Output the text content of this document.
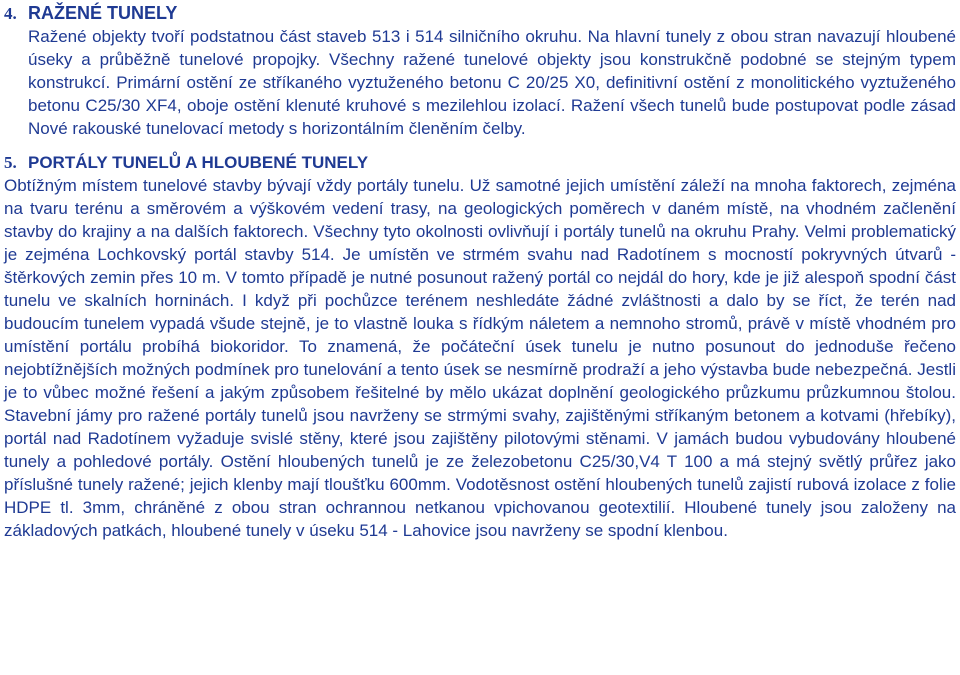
4. RAŽENÉ TUNELY

Ražené objekty tvoří podstatnou část staveb 513 i 514 silničního okruhu. Na hlavní tunely z obou stran navazují hloubené úseky a průběžně tunelové propojky. Všechny ražené tunelové objekty jsou konstrukčně podobné se stejným typem konstrukcí. Primární ostění ze stříkaného vyztuženého betonu C 20/25 X0, definitivní ostění z monolitického vyztuženého betonu C25/30 XF4, oboje ostění klenuté kruhové s mezilehlou izolací. Ražení všech tunelů bude postupovat podle zásad Nové rakouské tunelovací metody s horizontálním členěním čelby.

5. PORTÁLY TUNELŮ A HLOUBENÉ TUNELY

Obtížným místem tunelové stavby bývají vždy portály tunelu. Už samotné jejich umístění záleží na mnoha faktorech, zejména na tvaru terénu a směrovém a výškovém vedení trasy, na geologických poměrech v daném místě, na vhodném začlenění stavby do krajiny a na dalších faktorech. Všechny tyto okolnosti ovlivňují i portály tunelů na okruhu Prahy. Velmi problematický je zejména Lochkovský portál stavby 514. Je umístěn ve strmém svahu nad Radotínem s mocností pokryvných útvarů - štěrkových zemin přes 10 m. V tomto případě je nutné posunout ražený portál co nejdál do hory, kde je již alespoň spodní část tunelu ve skalních horninách. I když při pochůzce terénem neshledáte žádné zvláštnosti a dalo by se říct, že terén nad budoucím tunelem vypadá všude stejně, je to vlastně louka s řídkým náletem a nemnoho stromů, právě v místě vhodném pro umístění portálu probíhá biokoridor. To znamená, že počáteční úsek tunelu je nutno posunout do jednoduše řečeno nejobtížnějších možných podmínek pro tunelování a tento úsek se nesmírně prodraží a jeho výstavba bude nebezpečná. Jestli je to vůbec možné řešení a jakým způsobem řešitelné by mělo ukázat doplnění geologického průzkumu průzkumnou štolou. Stavební jámy pro ražené portály tunelů jsou navrženy se strmými svahy, zajištěnými stříkaným betonem a kotvami (hřebíky), portál nad Radotínem vyžaduje svislé stěny, které jsou zajištěny pilotovými stěnami. V jamách budou vybudovány hloubené tunely a pohledové portály. Ostění hloubených tunelů je ze železobetonu C25/30,V4 T 100 a má stejný světlý průřez jako příslušné tunely ražené; jejich klenby mají tloušťku 600mm. Vodotěsnost ostění hloubených tunelů zajistí rubová izolace z folie HDPE tl. 3mm, chráněné z obou stran ochrannou netkanou vpichovanou geotextilií. Hloubené tunely jsou založeny na základových patkách, hloubené tunely v úseku 514 - Lahovice jsou navrženy se spodní klenbou.
